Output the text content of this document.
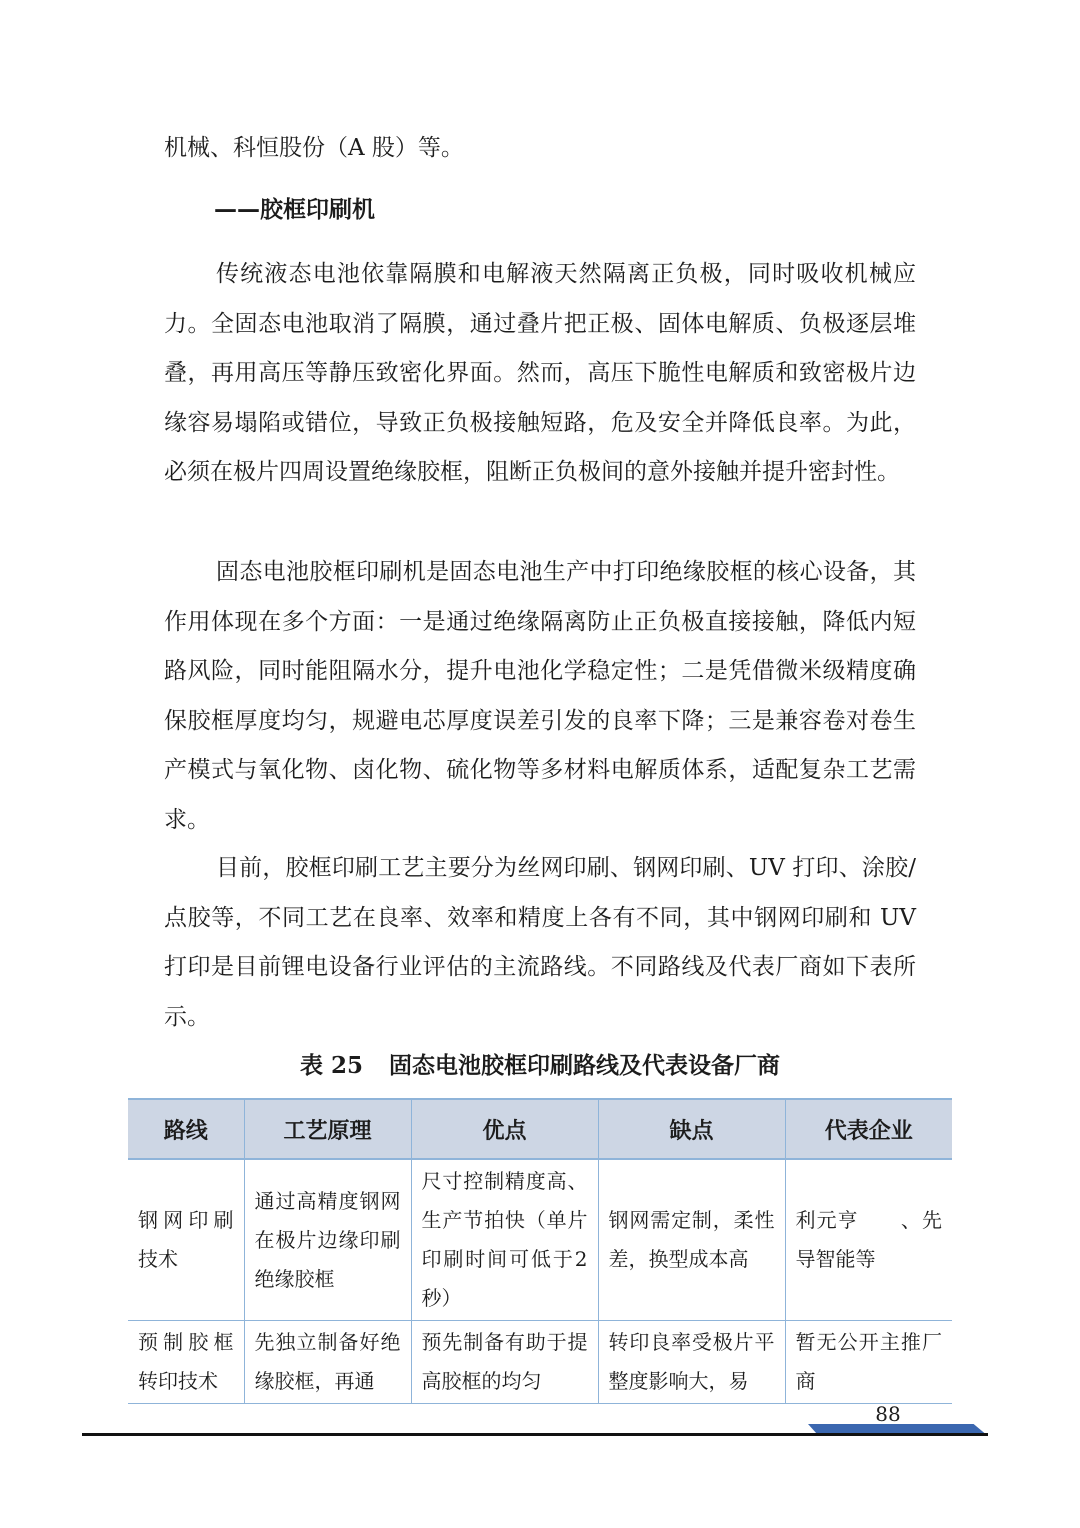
机械、科恒股份（A 股）等。

——胶框印刷机

传统液态电池依靠隔膜和电解液天然隔离正负极，同时吸收机械应力。全固态电池取消了隔膜，通过叠片把正极、固体电解质、负极逐层堆叠，再用高压等静压致密化界面。然而，高压下脆性电解质和致密极片边缘容易塌陷或错位，导致正负极接触短路，危及安全并降低良率。为此，必须在极片四周设置绝缘胶框，阻断正负极间的意外接触并提升密封性。

固态电池胶框印刷机是固态电池生产中打印绝缘胶框的核心设备，其作用体现在多个方面：一是通过绝缘隔离防止正负极直接接触，降低内短路风险，同时能阻隔水分，提升电池化学稳定性；二是凭借微米级精度确保胶框厚度均匀，规避电芯厚度误差引发的良率下降；三是兼容卷对卷生产模式与氧化物、卤化物、硫化物等多材料电解质体系，适配复杂工艺需求。

目前，胶框印刷工艺主要分为丝网印刷、钢网印刷、UV 打印、涂胶/点胶等，不同工艺在良率、效率和精度上各有不同，其中钢网印刷和 UV 打印是目前锂电设备行业评估的主流路线。不同路线及代表厂商如下表所示。

表 25 固态电池胶框印刷路线及代表设备厂商

路线	工艺原理	优点	缺点	代表企业
钢网印刷技术	通过高精度钢网在极片边缘印刷绝缘胶框	尺寸控制精度高、生产节拍快（单片印刷时间可低于2秒）	钢网需定制，柔性差，换型成本高	利元亨　　、先导智能等
预制胶框转印技术	先独立制备好绝缘胶框，再通	预先制备有助于提高胶框的均匀	转印良率受极片平整度影响大，易	暂无公开主推厂商

88
